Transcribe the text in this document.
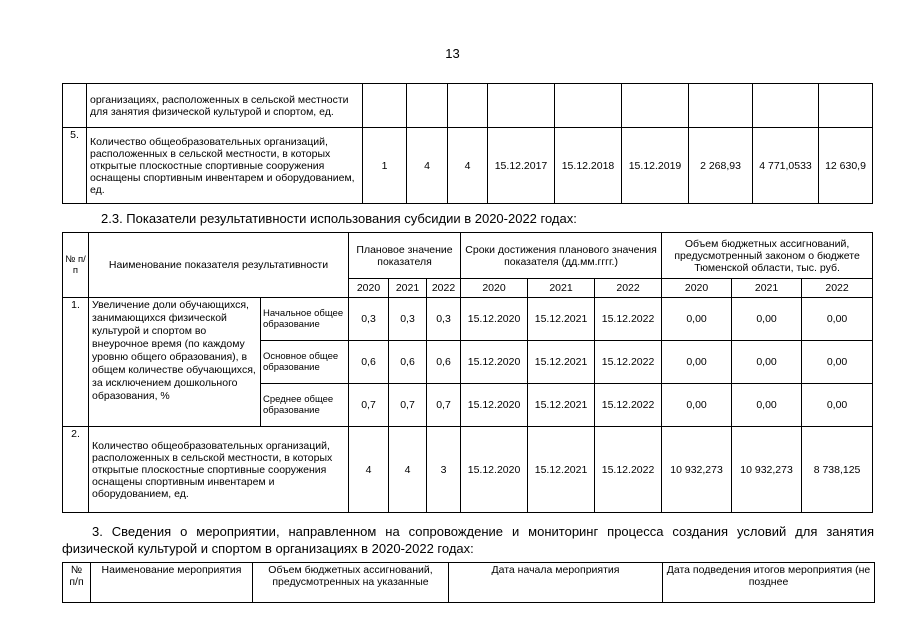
13
	организациях, расположенных в сельской местности для занятия физической культурой и спортом, ед.									
5.	Количество общеобразовательных организаций, расположенных в сельской местности, в которых открытые плоскостные спортивные сооружения оснащены спортивным инвентарем и оборудованием, ед.	1	4	4	15.12.2017	15.12.2018	15.12.2019	2 268,93	4 771,0533	12 630,9
2.3. Показатели результативности использования субсидии в 2020-2022 годах:
№ п/п	Наименование показателя результативности		Плановое значение показателя			Сроки достижения планового значения показателя (дд.мм.гггг.)			Объем бюджетных ассигнований, предусмотренный законом о бюджете Тюменской области, тыс. руб.		
			2020	2021	2022	2020	2021	2022	2020	2021	2022
1.	Увеличение доли обучающихся, занимающихся физической культурой и спортом во внеурочное время (по каждому уровню общего образования), в общем количестве обучающихся, за исключением дошкольного образования, %	Начальное общее образование	0,3	0,3	0,3	15.12.2020	15.12.2021	15.12.2022	0,00	0,00	0,00
		Основное общее образование	0,6	0,6	0,6	15.12.2020	15.12.2021	15.12.2022	0,00	0,00	0,00
		Среднее общее образование	0,7	0,7	0,7	15.12.2020	15.12.2021	15.12.2022	0,00	0,00	0,00
2.	Количество общеобразовательных организаций, расположенных в сельской местности, в которых открытые плоскостные спортивные сооружения оснащены спортивным инвентарем и оборудованием, ед.		4	4	3	15.12.2020	15.12.2021	15.12.2022	10 932,273	10 932,273	8 738,125
3. Сведения о мероприятии, направленном на сопровождение и мониторинг процесса создания условий для занятия физической культурой и спортом в организациях в 2020-2022 годах:
№ п/п	Наименование мероприятия	Объем бюджетных ассигнований, предусмотренных на указанные	Дата начала мероприятия	Дата подведения итогов мероприятия (не позднее
